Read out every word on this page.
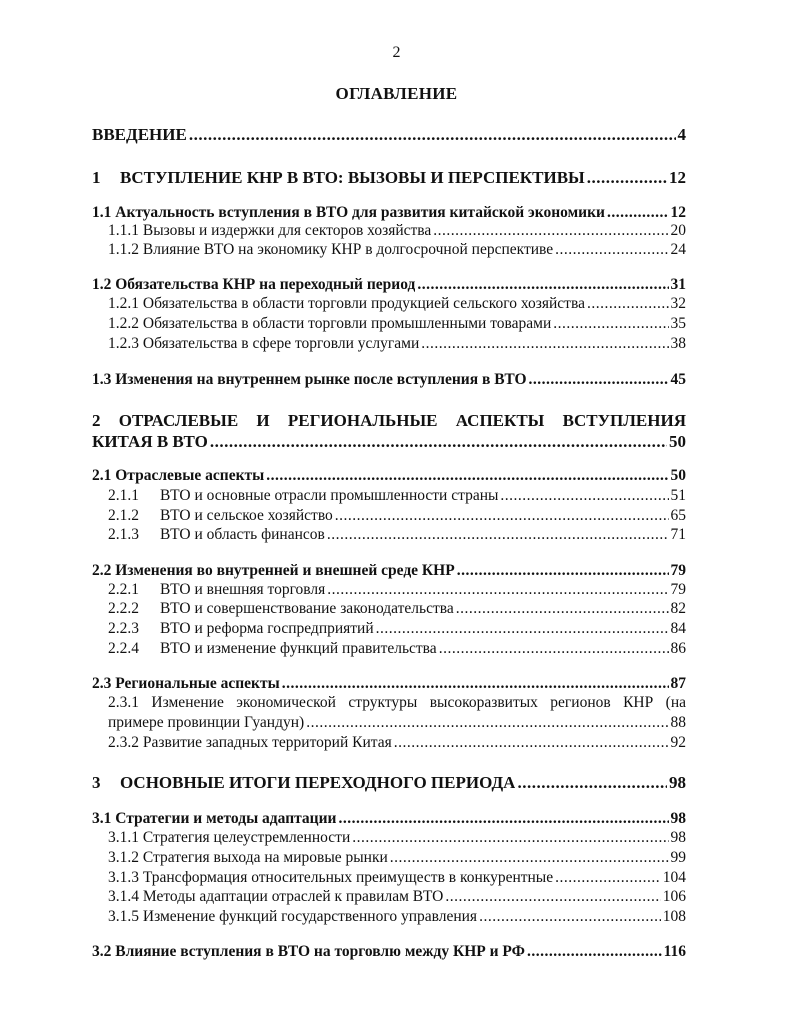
2
ОГЛАВЛЕНИЕ
ВВЕДЕНИЕ .....	4
1	ВСТУПЛЕНИЕ КНР В ВТО: ВЫЗОВЫ И ПЕРСПЕКТИВЫ .....	12
1.1 Актуальность вступления в ВТО для развития китайской экономики .....	12
1.1.1 Вызовы и издержки для секторов хозяйства .....	20
1.1.2 Влияние ВТО на экономику КНР в долгосрочной перспективе .....	24
1.2 Обязательства КНР на переходный период .....	31
1.2.1 Обязательства в области торговли продукцией сельского хозяйства .....	32
1.2.2 Обязательства в области торговли промышленными товарами .....	35
1.2.3 Обязательства в сфере торговли услугами .....	38
1.3 Изменения на внутреннем рынке после вступления в ВТО .....	45
2 ОТРАСЛЕВЫЕ И РЕГИОНАЛЬНЫЕ АСПЕКТЫ ВСТУПЛЕНИЯ
КИТАЯ В ВТО .....	50
2.1 Отраслевые аспекты .....	50
2.1.1	ВТО и основные отрасли промышленности страны .....	51
2.1.2	ВТО и сельское хозяйство .....	65
2.1.3	ВТО и область финансов .....	71
2.2 Изменения во внутренней и внешней среде КНР .....	79
2.2.1	ВТО и внешняя торговля .....	79
2.2.2	ВТО и совершенствование законодательства .....	82
2.2.3	ВТО и реформа госпредприятий .....	84
2.2.4	ВТО и изменение функций правительства .....	86
2.3 Региональные аспекты .....	87
2.3.1 Изменение экономической структуры высокоразвитых регионов КНР (на
примере провинции Гуандун) .....	88
2.3.2 Развитие западных территорий Китая .....	92
3	ОСНОВНЫЕ ИТОГИ ПЕРЕХОДНОГО ПЕРИОДА .....	98
3.1 Стратегии и методы адаптации .....	98
3.1.1 Стратегия целеустремленности .....	98
3.1.2 Стратегия выхода на мировые рынки .....	99
3.1.3 Трансформация относительных преимуществ в конкурентные .....	104
3.1.4 Методы адаптации отраслей к правилам ВТО .....	106
3.1.5 Изменение функций государственного управления .....	108
3.2 Влияние вступления в ВТО на торговлю между КНР и РФ .....	116
